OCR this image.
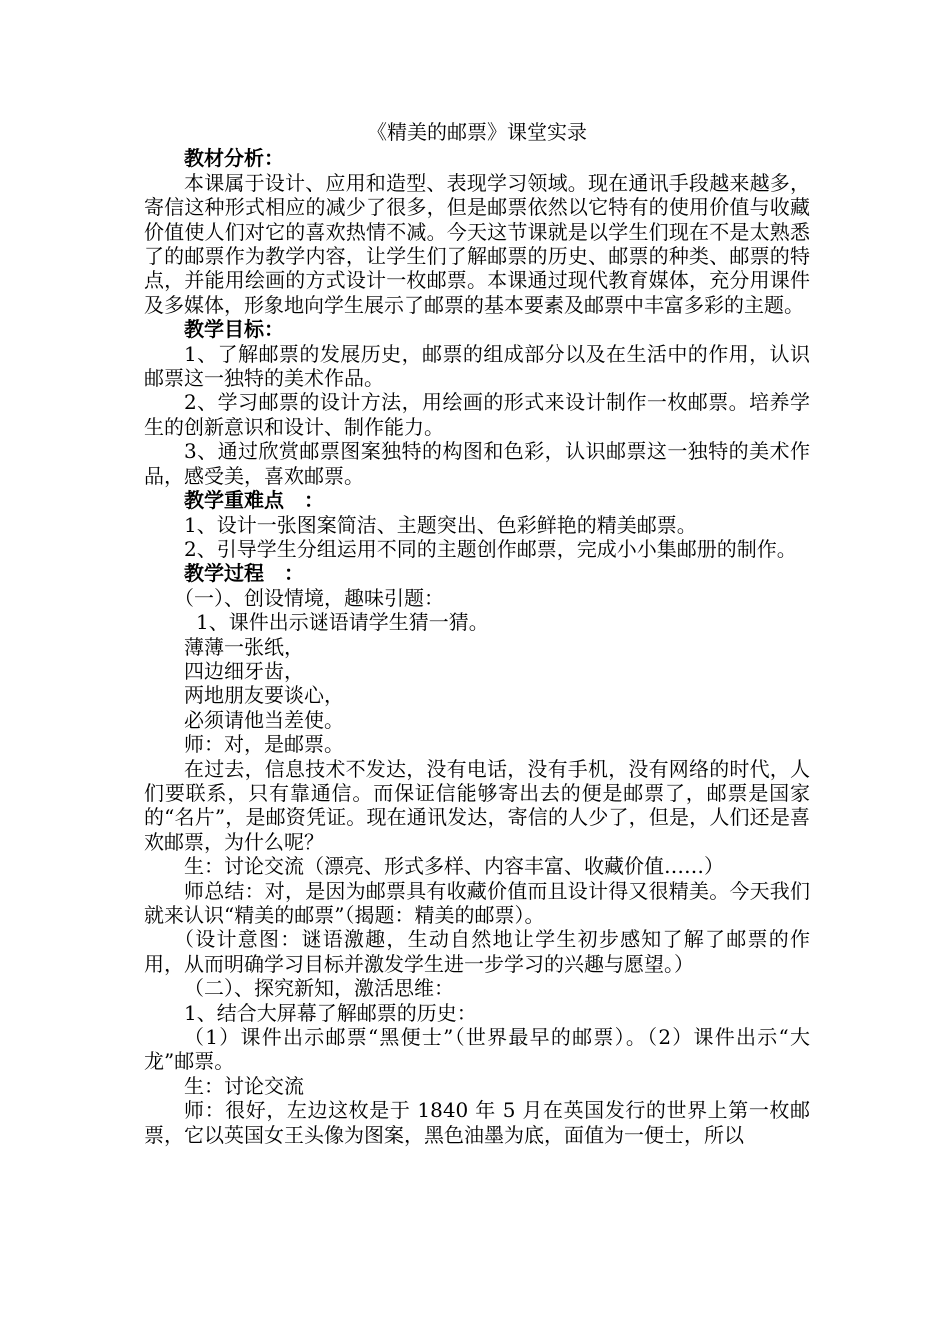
《精美的邮票》课堂实录

教材分析：

本课属于设计、应用和造型、表现学习领域。现在通讯手段越来越多，寄信这种形式相应的减少了很多，但是邮票依然以它特有的使用价值与收藏价值使人们对它的喜欢热情不减。今天这节课就是以学生们现在不是太熟悉了的邮票作为教学内容，让学生们了解邮票的历史、邮票的种类、邮票的特点，并能用绘画的方式设计一枚邮票。本课通过现代教育媒体，充分用课件及多媒体，形象地向学生展示了邮票的基本要素及邮票中丰富多彩的主题。

教学目标：

1、了解邮票的发展历史，邮票的组成部分以及在生活中的作用，认识邮票这一独特的美术作品。

2、学习邮票的设计方法，用绘画的形式来设计制作一枚邮票。培养学生的创新意识和设计、制作能力。

3、通过欣赏邮票图案独特的构图和色彩，认识邮票这一独特的美术作品，感受美，喜欢邮票。

教学重难点　：

1、设计一张图案简洁、主题突出、色彩鲜艳的精美邮票。

2、引导学生分组运用不同的主题创作邮票，完成小小集邮册的制作。

教学过程　：

（一）、创设情境，趣味引题：

1、课件出示谜语请学生猜一猜。

薄薄一张纸，

四边细牙齿，

两地朋友要谈心，

必须请他当差使。

师：对，是邮票。

在过去，信息技术不发达，没有电话，没有手机，没有网络的时代，人们要联系，只有靠通信。而保证信能够寄出去的便是邮票了，邮票是国家的“名片”，是邮资凭证。现在通讯发达，寄信的人少了，但是，人们还是喜欢邮票，为什么呢？

生：讨论交流（漂亮、形式多样、内容丰富、收藏价值……）

师总结：对，是因为邮票具有收藏价值而且设计得又很精美。今天我们就来认识“精美的邮票”（揭题：精美的邮票）。

（设计意图：谜语激趣，生动自然地让学生初步感知了解了邮票的作用，从而明确学习目标并激发学生进一步学习的兴趣与愿望。）

（二）、探究新知，激活思维：

1、结合大屏幕了解邮票的历史：

（1）课件出示邮票“黑便士”（世界最早的邮票）。（2）课件出示“大龙”邮票。

生：讨论交流

师：很好，左边这枚是于 1840 年 5 月在英国发行的世界上第一枚邮票，它以英国女王头像为图案，黑色油墨为底，面值为一便士，所以
